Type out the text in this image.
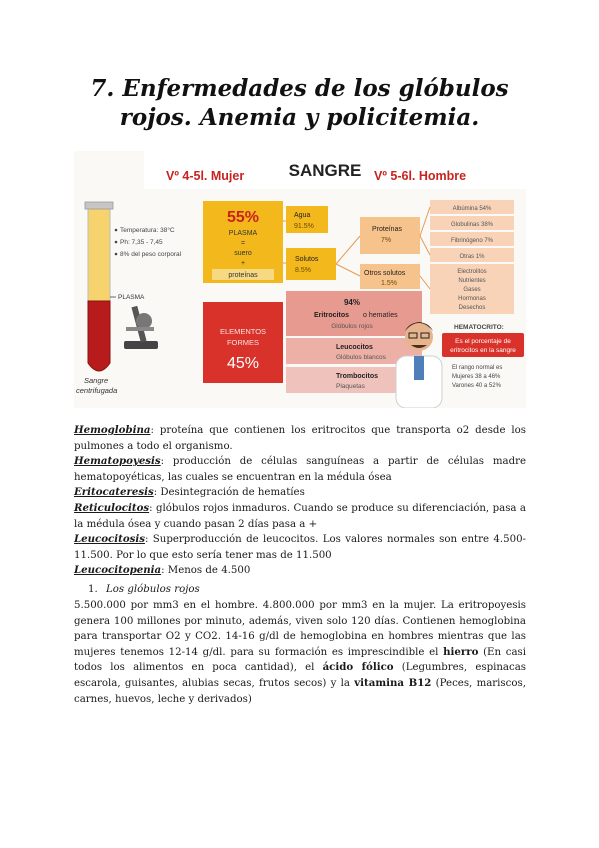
7. Enfermedades de los glóbulos
rojos. Anemia y policitemia.
SANGRE
Vº 4-5l. Mujer	Vº 5-6l. Hombre
Temperatura: 38°C
Ph: 7,35 - 7,45
8% del peso corporal
PLASMA
Sangre
centrifugada
55%
PLASMA
=
suero
+
proteínas
Agua
91.5%
Solutos
8.5%
Proteínas
7%
Otros solutos
1.5%
Albúmina 54%
Globulinas 38%
Fibrinógeno 7%
Otras 1%
Electrolitos
Nutrientes
Gases
Hormonas
Desechos
ELEMENTOS
FORMES
45%
94%
Eritrocitos o hematíes
Glóbulos rojos
Leucocitos
Glóbulos blancos
Trombocitos
Plaquetas
HEMATOCRITO:
Es el porcentaje de
eritrocitos en la sangre
El rango normal es
Mujeres 38 a 46%
Varones 40 a 52%

Hemoglobina: proteína que contienen los eritrocitos que transporta o2 desde los pulmones a todo el organismo.

Hematopoyesis: producción de células sanguíneas a partir de células madre hematopoyéticas, las cuales se encuentran en la médula ósea

Eritocateresis: Desintegración de hematíes

Reticulocitos: glóbulos rojos inmaduros. Cuando se produce su diferenciación, pasa a la médula ósea y cuando pasan 2 días pasa a +

Leucocitosis: Superproducción de leucocitos. Los valores normales son entre 4.500-11.500. Por lo que esto sería tener mas de 11.500

Leucocitopenia: Menos de 4.500

1. Los glóbulos rojos

5.500.000 por mm3 en el hombre. 4.800.000 por mm3 en la mujer. La eritropoyesis genera 100 millones por minuto, además, viven solo 120 días. Contienen hemoglobina para transportar O2 y CO2. 14-16 g/dl de hemoglobina en hombres mientras que las mujeres tenemos 12-14 g/dl. para su formación es imprescindible el hierro (En casi todos los alimentos en poca cantidad), el ácido fólico (Legumbres, espinacas escarola, guisantes, alubias secas, frutos secos) y la vitamina B12 (Peces, mariscos, carnes, huevos, leche y derivados)
